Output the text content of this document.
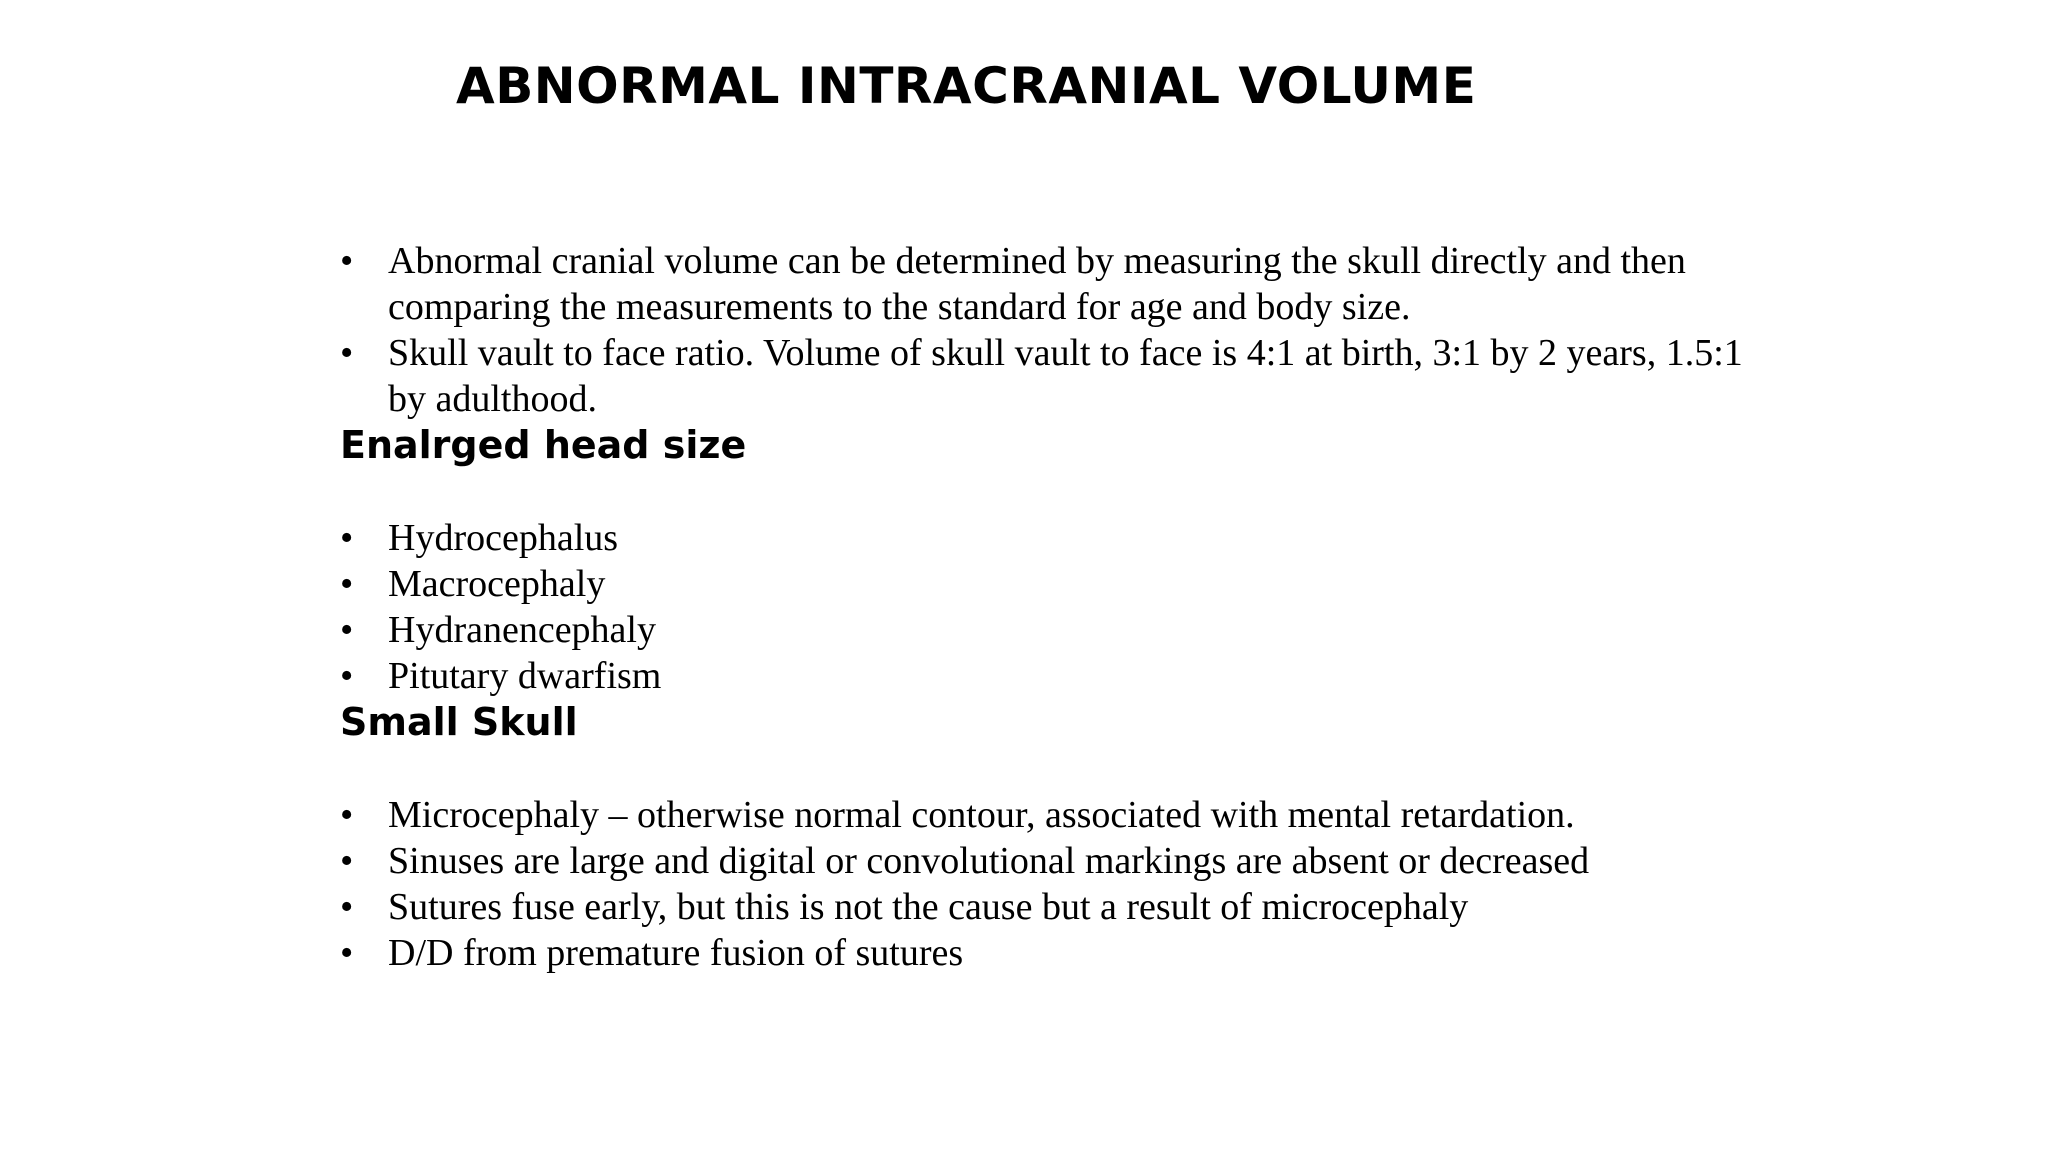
ABNORMAL INTRACRANIAL VOLUME
• Abnormal cranial volume can be determined by measuring the skull directly and then comparing the measurements to the standard for age and body size.
• Skull vault to face ratio. Volume of skull vault to face is 4:1 at birth, 3:1 by 2 years, 1.5:1 by adulthood.
Enalrged head size
• Hydrocephalus
• Macrocephaly
• Hydranencephaly
• Pitutary dwarfism
Small Skull
• Microcephaly – otherwise normal contour, associated with mental retardation.
• Sinuses are large and digital or convolutional markings are absent or decreased
• Sutures fuse early, but this is not the cause but a result of microcephaly
• D/D from premature fusion of sutures
